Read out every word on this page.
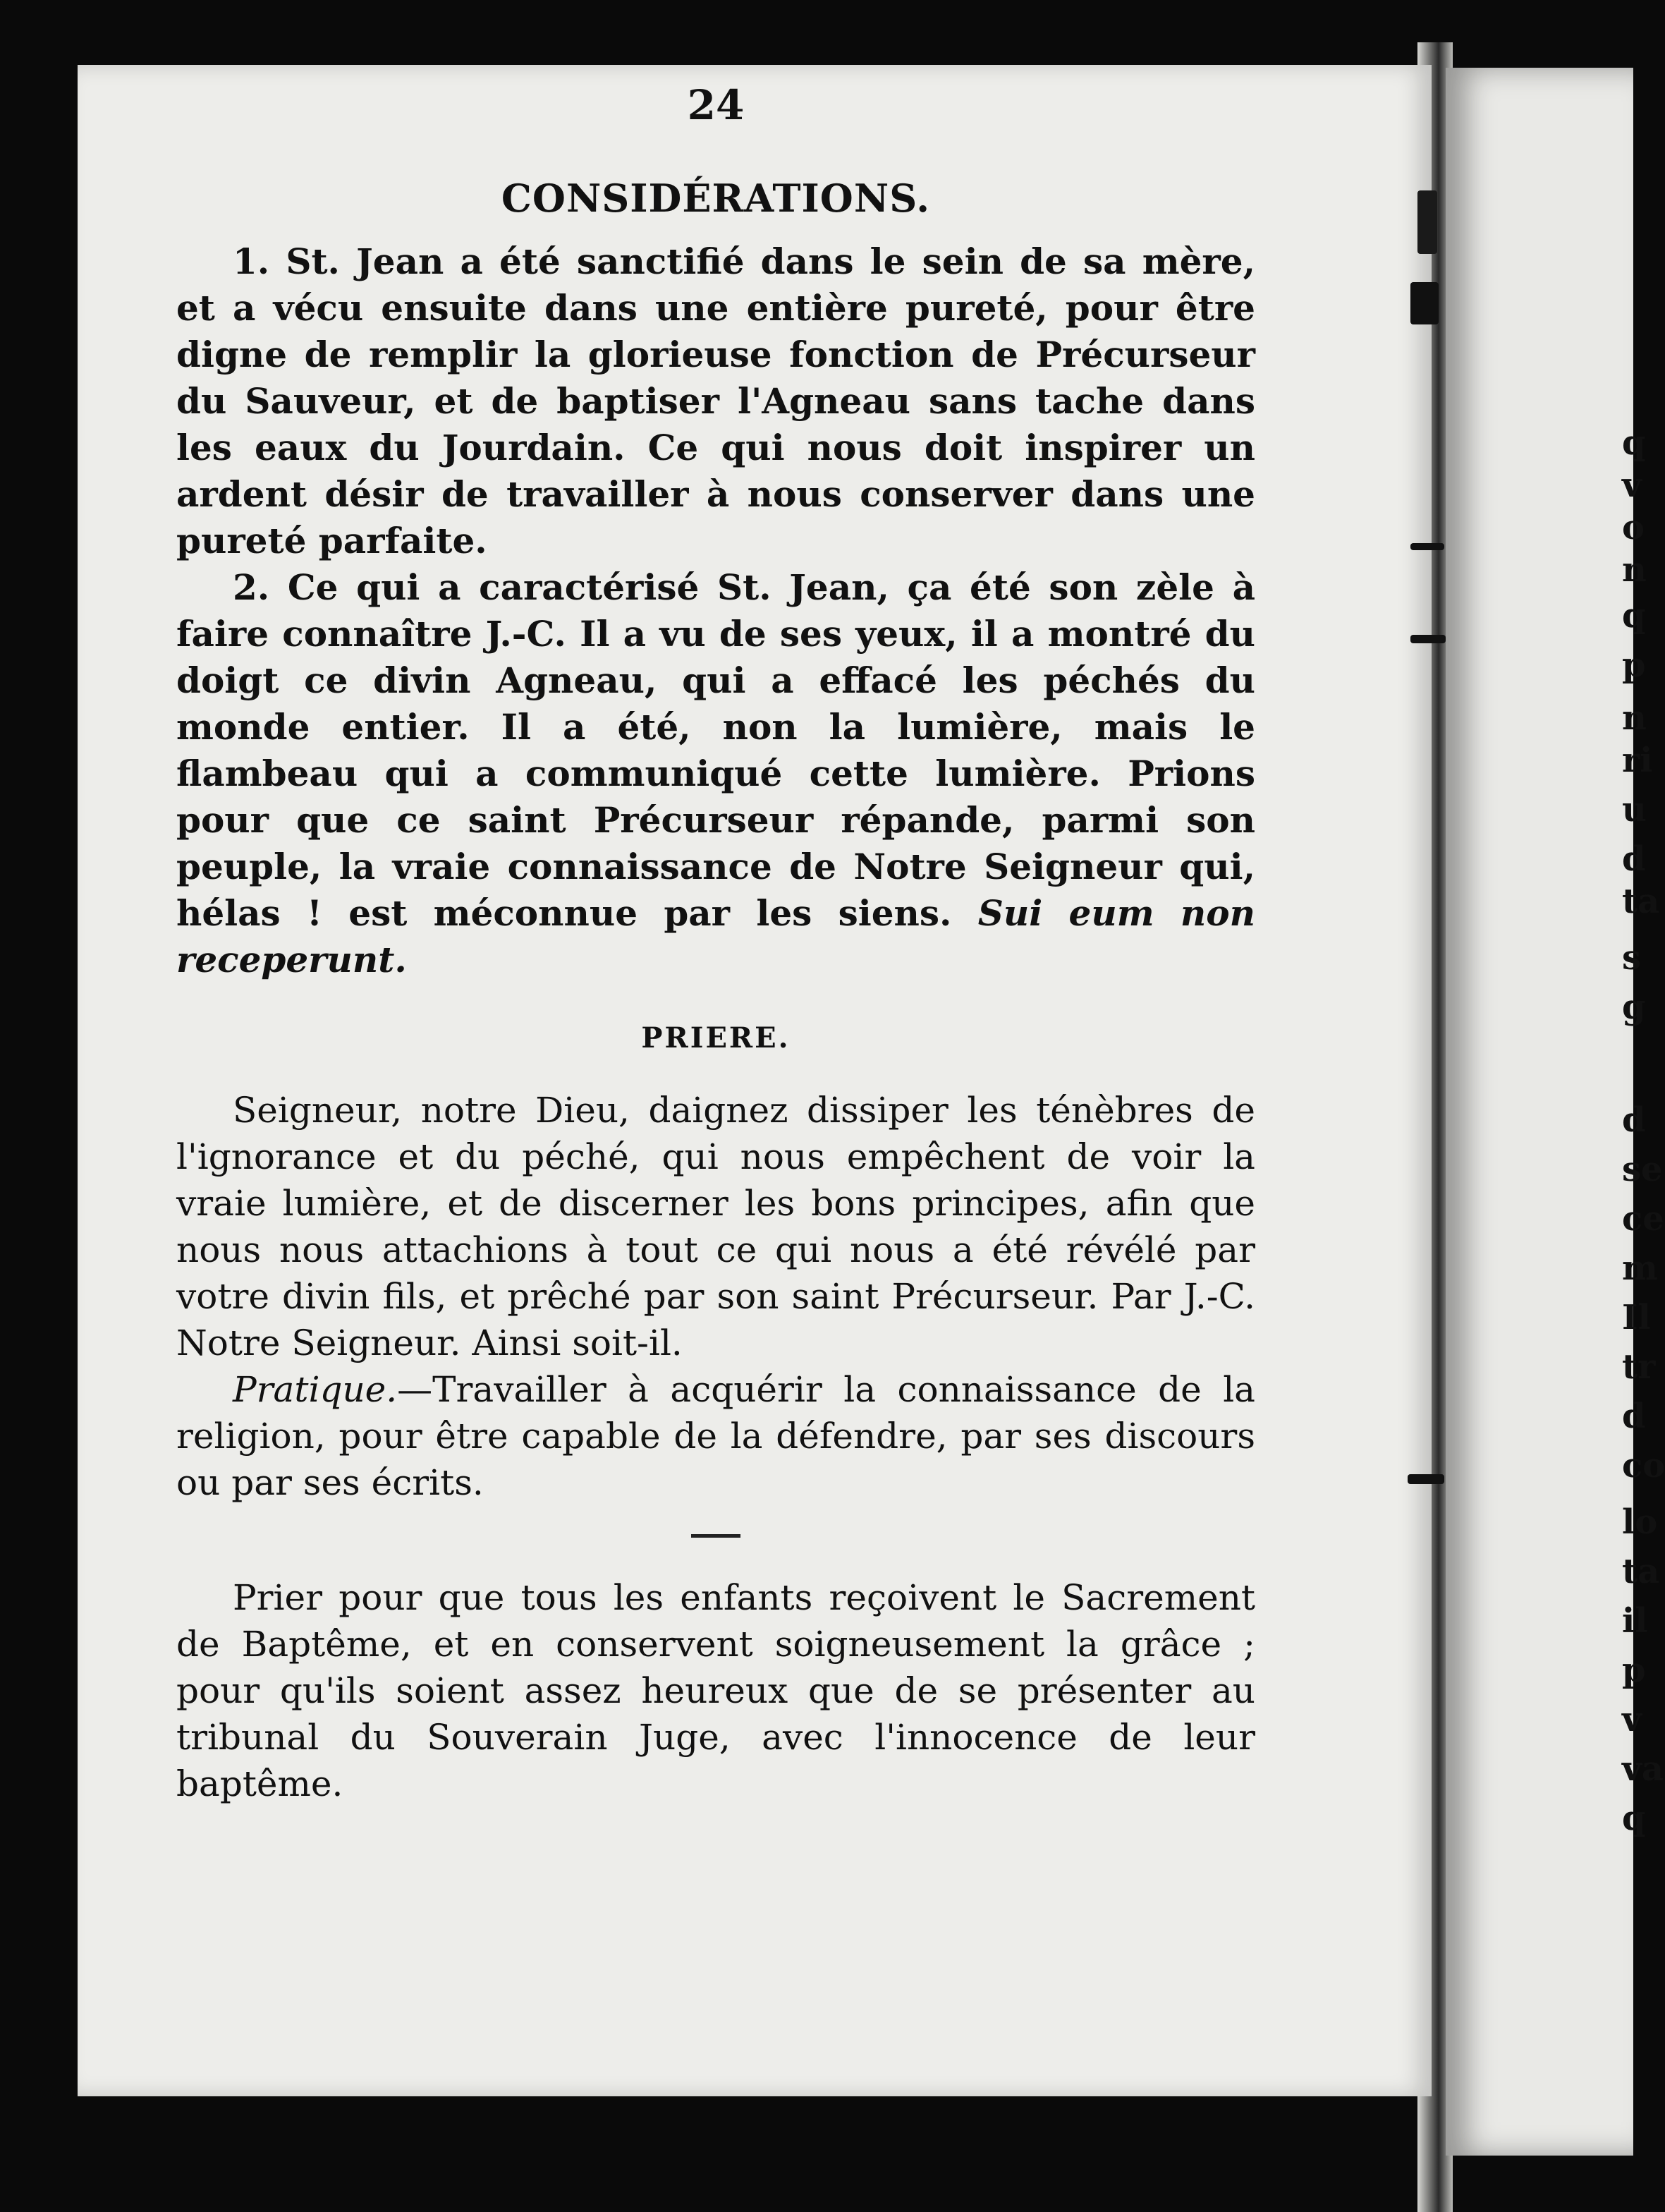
24
CONSIDÉRATIONS.

1. St. Jean a été sanctifié dans le sein de sa mère, et a vécu ensuite dans une entière pureté, pour être digne de remplir la glorieuse fonction de Précurseur du Sauveur, et de baptiser l'Agneau sans tache dans les eaux du Jourdain. Ce qui nous doit inspirer un ardent désir de travailler à nous conserver dans une pureté parfaite.

2. Ce qui a caractérisé St. Jean, ça été son zèle à faire connaître J.-C. Il a vu de ses yeux, il a montré du doigt ce divin Agneau, qui a effacé les péchés du monde entier. Il a été, non la lumière, mais le flambeau qui a communiqué cette lumière. Prions pour que ce saint Précurseur répande, parmi son peuple, la vraie connaissance de Notre Seigneur qui, hélas ! est méconnue par les siens. Sui eum non receperunt.

PRIERE.

Seigneur, notre Dieu, daignez dissiper les ténèbres de l'ignorance et du péché, qui nous empêchent de voir la vraie lumière, et de discerner les bons principes, afin que nous nous attachions à tout ce qui nous a été révélé par votre divin fils, et prêché par son saint Précurseur. Par J.-C. Notre Seigneur. Ainsi soit-il.

Pratique.—Travailler à acquérir la connaissance de la religion, pour être capable de la défendre, par ses discours ou par ses écrits.

Prier pour que tous les enfants reçoivent le Sacrement de Baptême, et en conservent soigneusement la grâce ; pour qu'ils soient assez heureux que de se présenter au tribunal du Souverain Juge, avec l'innocence de leur baptême.

q
v
o
n
q
p
n
ri
u
d
ta
s
g
d
se
ce
m
Il
tr
d
co
lo
ta
il
p
v
va
q
